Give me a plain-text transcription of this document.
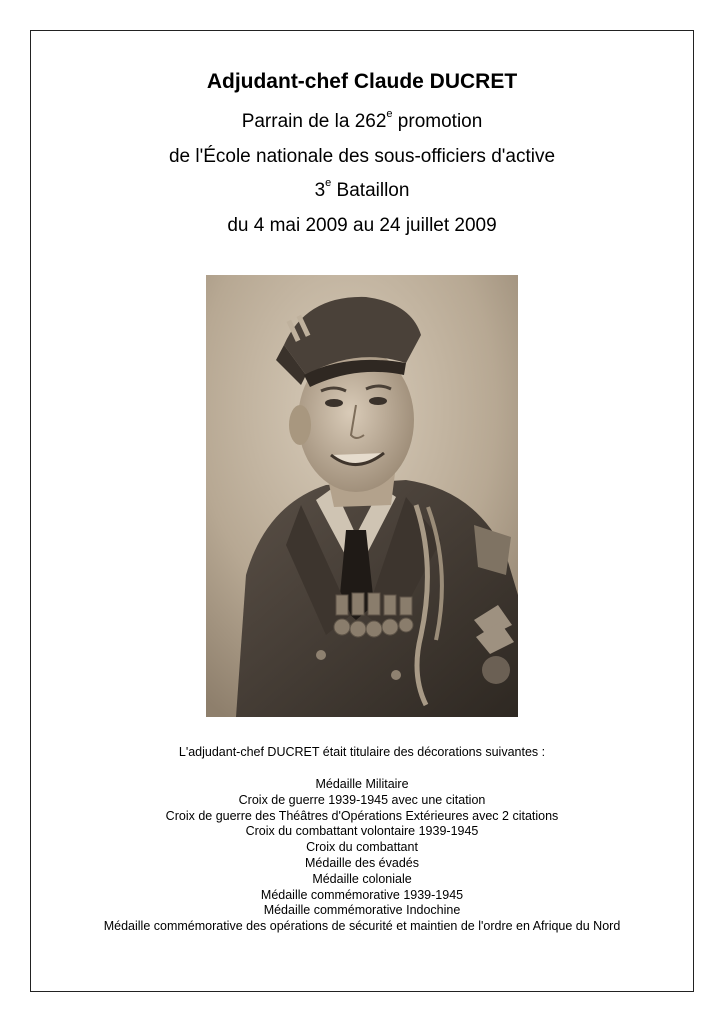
Adjudant-chef Claude DUCRET
Parrain de la 262e promotion
de l'École nationale des sous-officiers d'active
3e Bataillon
du 4 mai 2009 au 24 juillet 2009
L'adjudant-chef DUCRET était titulaire des décorations suivantes :
Médaille Militaire
Croix de guerre 1939-1945 avec une citation
Croix de guerre des Théâtres d'Opérations Extérieures avec 2 citations
Croix du combattant volontaire 1939-1945
Croix du combattant
Médaille des évadés
Médaille coloniale
Médaille commémorative 1939-1945
Médaille commémorative Indochine
Médaille commémorative des opérations de sécurité et maintien de l'ordre en Afrique du Nord
